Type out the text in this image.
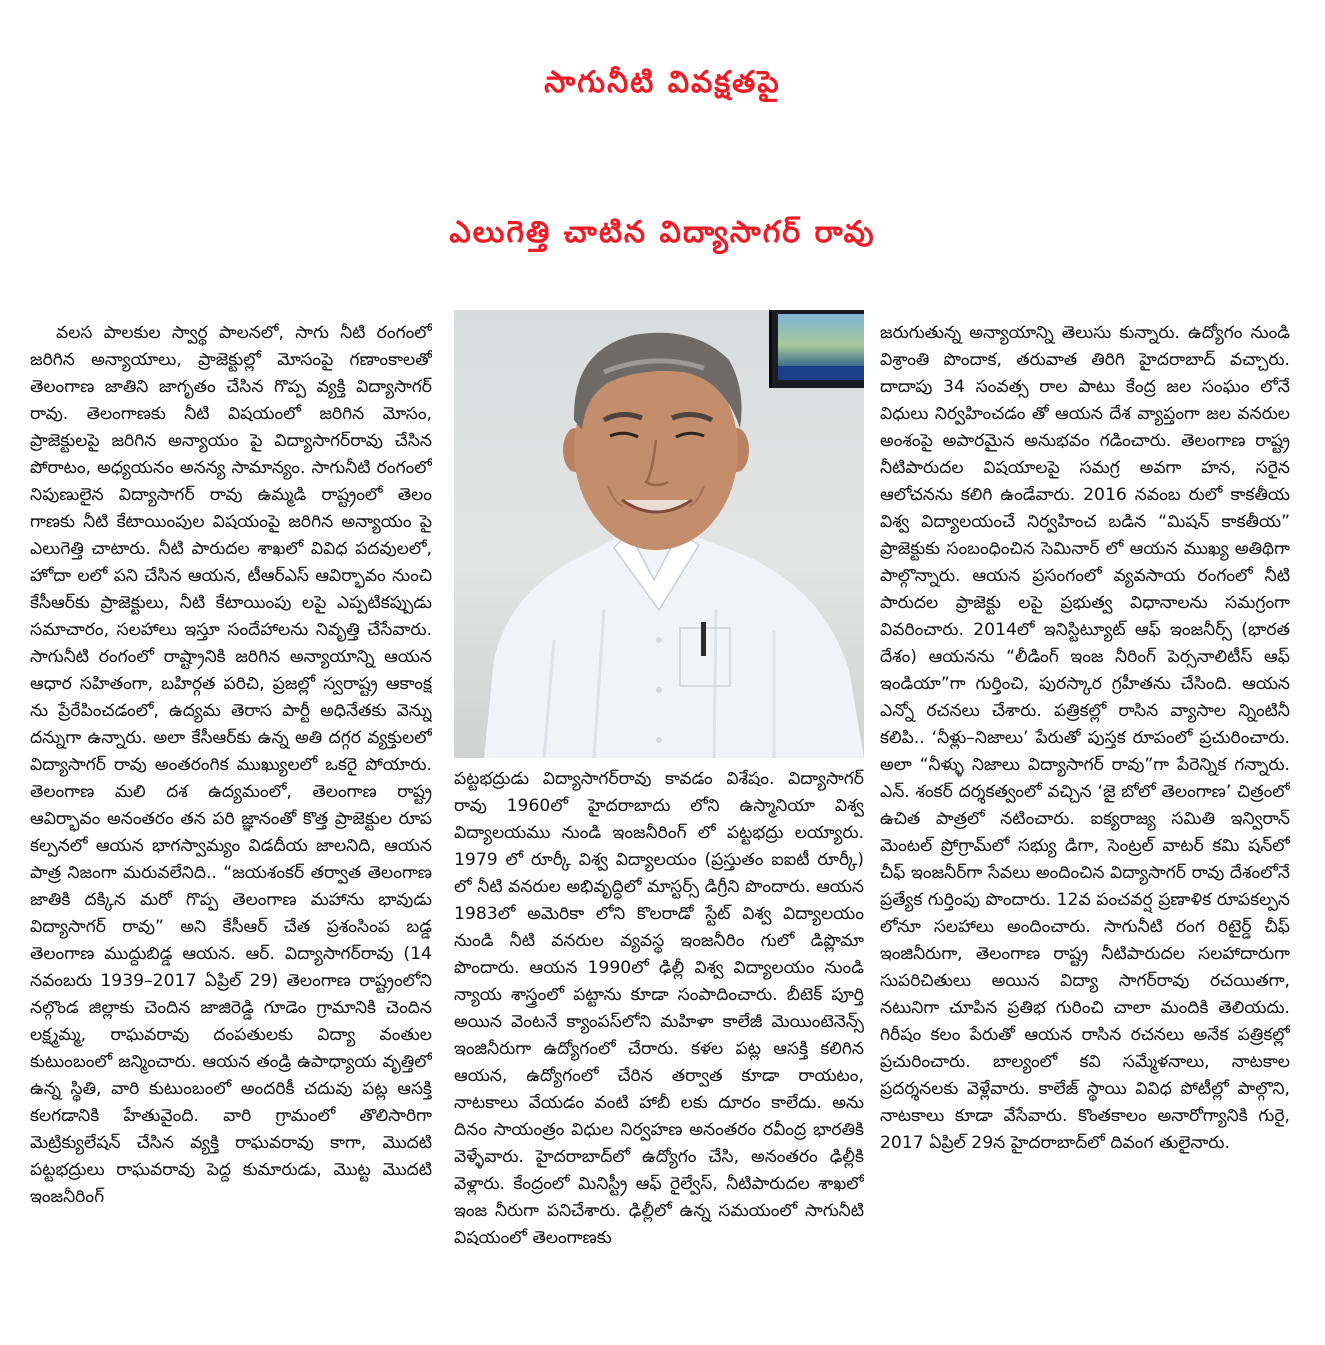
సాగునీటి వివక్షతపై
ఎలుగెత్తి చాటిన విద్యాసాగర్ రావు

వలస పాలకుల స్వార్థ పాలనలో, సాగు నీటి రంగంలో జరిగిన అన్యాయాలు, ప్రాజెక్టుల్లో మోసంపై గణాంకాలతో తెలంగాణ జాతిని జాగృతం చేసిన గొప్ప వ్యక్తి విద్యాసాగర్ రావు. తెలంగాణకు నీటి విషయంలో జరిగిన మోసం, ప్రాజెక్టులపై జరిగిన అన్యాయం పై విద్యాసాగర్‌రావు చేసిన పోరాటం, అధ్యయనం అనన్య సామాన్యం. సాగునీటి రంగంలో నిపుణులైన విద్యాసాగర్ రావు ఉమ్మడి రాష్ట్రంలో తెలం గాణకు నీటి కేటాయింపుల విషయంపై జరిగిన అన్యాయం పై ఎలుగెత్తి చాటారు. నీటి పారుదల శాఖలో వివిధ పదవులలో, హోదా లలో పని చేసిన ఆయన, టీఆర్‌ఎస్ ఆవిర్భావం నుంచి కేసీఆర్‌కు ప్రాజెక్టులు, నీటి కేటాయింపు లపై ఎప్పటికప్పుడు సమాచారం, సలహాలు ఇస్తూ సందేహాలను నివృత్తి చేసేవారు. సాగునీటి రంగంలో రాష్ట్రానికి జరిగిన అన్యాయాన్ని ఆయన ఆధార సహితంగా, బహిర్గత పరిచి, ప్రజల్లో స్వరాష్ట్ర ఆకాంక్ష ను ప్రేరేపించడంలో, ఉద్యమ తెరాస పార్టీ అధినేతకు వెన్ను దన్నుగా ఉన్నారు. అలా కేసీఆర్‌కు ఉన్న అతి దగ్గర వ్యక్తులలో విద్యాసాగర్ రావు అంతరంగిక ముఖ్యులలో ఒకరై పోయారు. తెలంగాణ మలి దశ ఉద్యమంలో, తెలంగాణ రాష్ట్ర ఆవిర్భావం అనంతరం తన పరి జ్ఞానంతో కొత్త ప్రాజెక్టుల రూప కల్పనలో ఆయన భాగస్వామ్యం విడదీయ జాలనిది, ఆయన పాత్ర నిజంగా మరువలేనిది.. “జయశంకర్ తర్వాత తెలంగాణ జాతికి దక్కిన మరో గొప్ప తెలంగాణ మహాను భావుడు విద్యాసాగర్ రావు” అని కేసీఆర్ చేత ప్రశంసింప బడ్డ తెలంగాణ ముద్దుబిడ్డ ఆయన. ఆర్. విద్యాసాగర్‌రావు (14 నవంబరు 1939–2017 ఏప్రిల్ 29) తెలంగాణ రాష్ట్రంలోని నల్గొండ జిల్లాకు చెందిన జాజిరెడ్డి గూడెం గ్రామానికి చెందిన లక్ష్మమ్మ, రాఘవరావు దంపతులకు విద్యా వంతుల కుటుంబంలో జన్మించారు. ఆయన తండ్రి ఉపాధ్యాయ వృత్తిలో ఉన్న స్థితి, వారి కుటుంబంలో అందరికీ చదువు పట్ల ఆసక్తి కలగడానికి హేతువైంది. వారి గ్రామంలో తొలిసారిగా మెట్రిక్యులేషన్ చేసిన వ్యక్తి రాఘవరావు కాగా, మొదటి పట్టభద్రులు రాఘవరావు పెద్ద కుమారుడు, మొట్ట మొదటి ఇంజనీరింగ్

పట్టభద్రుడు విద్యాసాగర్‌రావు కావడం విశేషం. విద్యాసాగర్ రావు 1960లో హైదరాబాదు లోని ఉస్మానియా విశ్వ విద్యాలయము నుండి ఇంజనీరింగ్ లో పట్టభద్రు లయ్యారు. 1979 లో రూర్కీ విశ్వ విద్యాలయం (ప్రస్తుతం ఐఐటీ రూర్కీ) లో నీటి వనరుల అభివృద్ధిలో మాస్టర్స్ డిగ్రీని పొందారు. ఆయన 1983లో అమెరికా లోని కొలరాడో స్టేట్ విశ్వ విద్యాలయం నుండి నీటి వనరుల వ్యవస్థ ఇంజనీరిం గులో డిప్లొమా పొందారు. ఆయన 1990లో ఢిల్లీ విశ్వ విద్యాలయం నుండి న్యాయ శాస్త్రంలో పట్టాను కూడా సంపాదించారు. బీటెక్ పూర్తి అయిన వెంటనే క్యాంపస్‌లోని మహిళా కాలేజీ మెయింటెనెన్స్ ఇంజినీరుగా ఉద్యోగంలో చేరారు. కళల పట్ల ఆసక్తి కలిగిన ఆయన, ఉద్యోగంలో చేరిన తర్వాత కూడా రాయటం, నాటకాలు వేయడం వంటి హాబీ లకు దూరం కాలేదు. అను దినం సాయంత్రం విధుల నిర్వహణ అనంతరం రవీంద్ర భారతికి వెళ్ళేవారు. హైదరాబాద్‌లో ఉద్యోగం చేసి, అనంతరం ఢిల్లీకి వెళ్లారు. కేంద్రంలో మినిస్ట్రీ ఆఫ్ రైల్వేస్, నీటిపారుదల శాఖలో ఇంజ నీరుగా పనిచేశారు. ఢిల్లీలో ఉన్న సమయంలో సాగునీటి విషయంలో తెలంగాణకు

జరుగుతున్న అన్యాయాన్ని తెలుసు కున్నారు. ఉద్యోగం నుండి విశ్రాంతి పొందాక, తరువాత తిరిగి హైదరాబాద్ వచ్చారు. దాదాపు 34 సంవత్స రాల పాటు కేంద్ర జల సంఘం లోనే విధులు నిర్వహించడం తో ఆయన దేశ వ్యాప్తంగా జల వనరుల అంశంపై అపారమైన అనుభవం గడించారు. తెలంగాణ రాష్ట్ర నీటిపారుదల విషయాలపై సమగ్ర అవగా హన, సరైన ఆలోచనను కలిగి ఉండేవారు. 2016 నవంబ రులో కాకతీయ విశ్వ విద్యాలయంచే నిర్వహించ బడిన “మిషన్ కాకతీయ” ప్రాజెక్టుకు సంబంధించిన సెమినార్ లో ఆయన ముఖ్య అతిథిగా పాల్గొన్నారు. ఆయన ప్రసంగంలో వ్యవసాయ రంగంలో నీటి పారుదల ప్రాజెక్టు లపై ప్రభుత్వ విధానాలను సమగ్రంగా వివరించారు. 2014లో ఇనిస్టిట్యూట్ ఆఫ్ ఇంజనీర్స్ (భారత దేశం) ఆయనను “లీడింగ్ ఇంజ నీరింగ్ పెర్సనాలిటీస్ ఆఫ్ ఇండియా”గా గుర్తించి, పురస్కార గ్రహీతను చేసింది. ఆయన ఎన్నో రచనలు చేశారు. పత్రికల్లో రాసిన వ్యాసాల న్నింటినీ కలిపి.. ‘నీళ్లు–నిజాలు’ పేరుతో పుస్తక రూపంలో ప్రచురించారు. అలా “నీళ్ళు నిజాలు విద్యాసాగర్ రావు”గా పేరెన్నిక గన్నారు. ఎన్. శంకర్ దర్శకత్వంలో వచ్చిన ‘జై బోలో తెలంగాణ’ చిత్రంలో ఉచిత పాత్రలో నటించారు. ఐక్యరాజ్య సమితి ఇన్విరాన్ మెంటల్ ప్రోగ్రామ్‌లో సభ్యు డిగా, సెంట్రల్ వాటర్ కమి షన్‌లో చీఫ్ ఇంజనీర్‌గా సేవలు అందించిన విద్యాసాగర్ రావు దేశంలోనే ప్రత్యేక గుర్తింపు పొందారు. 12వ పంచవర్ష ప్రణాళిక రూపకల్పన లోనూ సలహాలు అందించారు. సాగునీటి రంగ రిటైర్డ్ చీఫ్ ఇంజినీరుగా, తెలంగాణ రాష్ట్ర నీటిపారుదల సలహాదారుగా సుపరిచితులు అయిన విద్యా సాగర్‌రావు రచయితగా, నటునిగా చూపిన ప్రతిభ గురించి చాలా మందికి తెలియదు. గిరీషం కలం పేరుతో ఆయన రాసిన రచనలు అనేక పత్రికల్లో ప్రచురించారు. బాల్యంలో కవి సమ్మేళనాలు, నాటకాల ప్రదర్శనలకు వెళ్లేవారు. కాలేజ్ స్థాయి వివిధ పోటీల్లో పాల్గొని, నాటకాలు కూడా వేసేవారు. కొంతకాలం అనారోగ్యానికి గురై, 2017 ఏప్రిల్ 29న హైదరాబాద్‌లో దివంగ తులైనారు.
